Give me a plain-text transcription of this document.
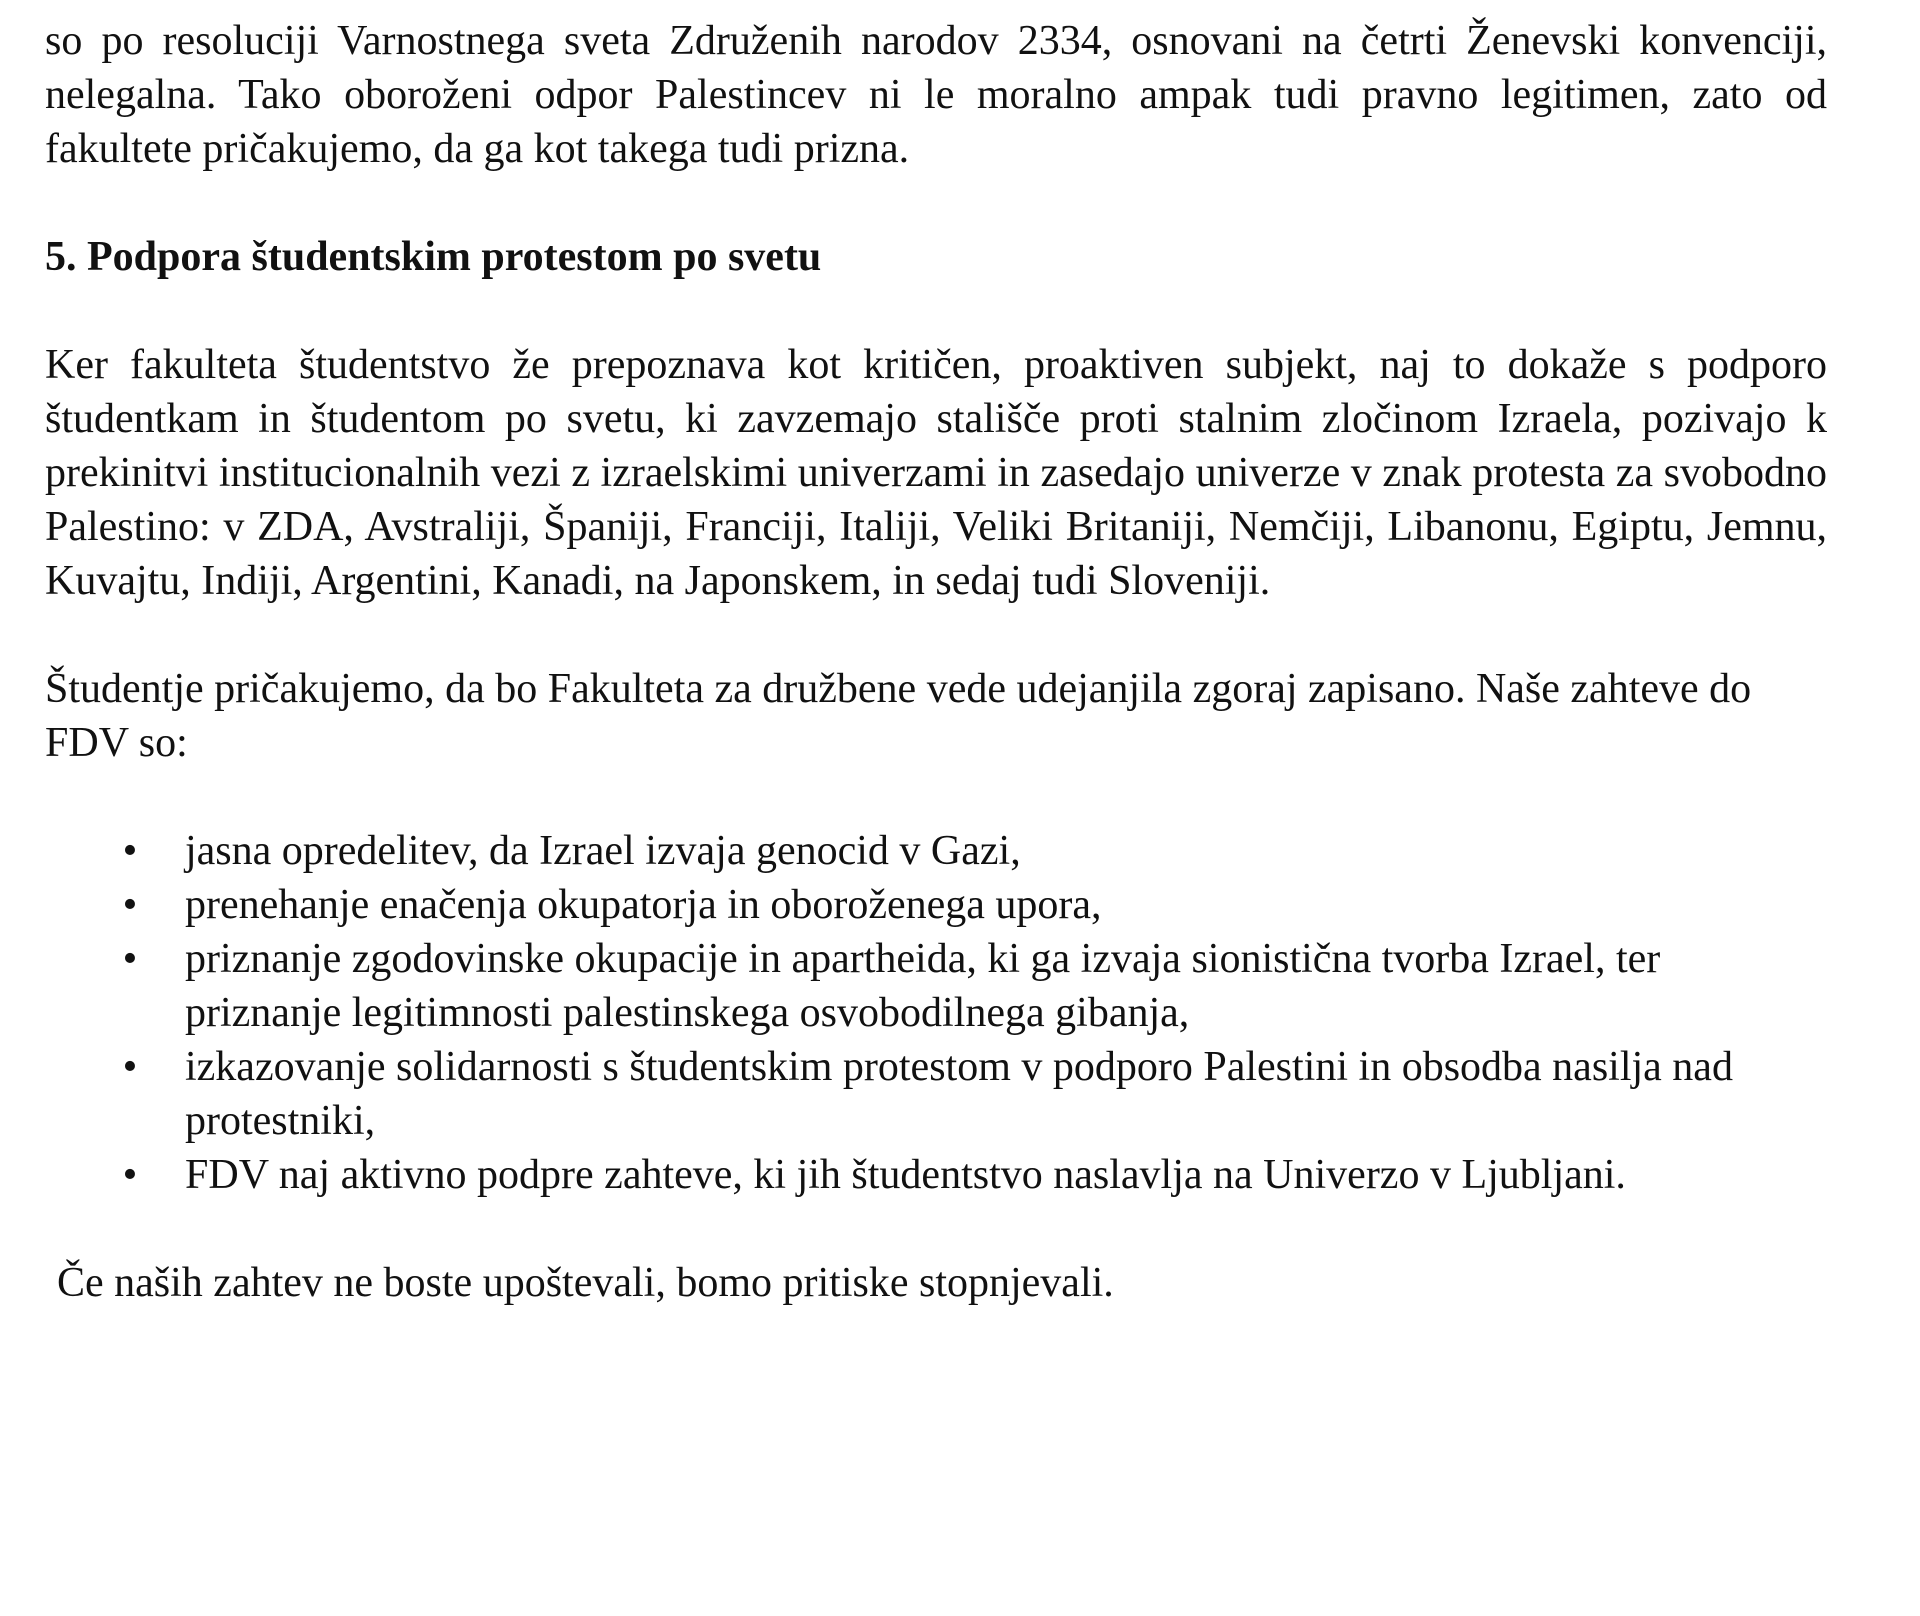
so po resoluciji Varnostnega sveta Združenih narodov 2334, osnovani na četrti Ženevski konvenciji, nelegalna. Tako oboroženi odpor Palestincev ni le moralno ampak tudi pravno legitimen, zato od fakultete pričakujemo, da ga kot takega tudi prizna.

5. Podpora študentskim protestom po svetu

Ker fakulteta študentstvo že prepoznava kot kritičen, proaktiven subjekt, naj to dokaže s podporo študentkam in študentom po svetu, ki zavzemajo stališče proti stalnim zločinom Izraela, pozivajo k prekinitvi institucionalnih vezi z izraelskimi univerzami in zasedajo univerze v znak protesta za svobodno Palestino: v ZDA, Avstraliji, Španiji, Franciji, Italiji, Veliki Britaniji, Nemčiji, Libanonu, Egiptu, Jemnu, Kuvajtu, Indiji, Argentini, Kanadi, na Japonskem, in sedaj tudi Sloveniji.

Študentje pričakujemo, da bo Fakulteta za družbene vede udejanjila zgoraj zapisano. Naše zahteve do FDV so:

• jasna opredelitev, da Izrael izvaja genocid v Gazi,
• prenehanje enačenja okupatorja in oboroženega upora,
• priznanje zgodovinske okupacije in apartheida, ki ga izvaja sionistična tvorba Izrael, ter priznanje legitimnosti palestinskega osvobodilnega gibanja,
• izkazovanje solidarnosti s študentskim protestom v podporo Palestini in obsodba nasilja nad protestniki,
• FDV naj aktivno podpre zahteve, ki jih študentstvo naslavlja na Univerzo v Ljubljani.

Če naših zahtev ne boste upoštevali, bomo pritiske stopnjevali.
